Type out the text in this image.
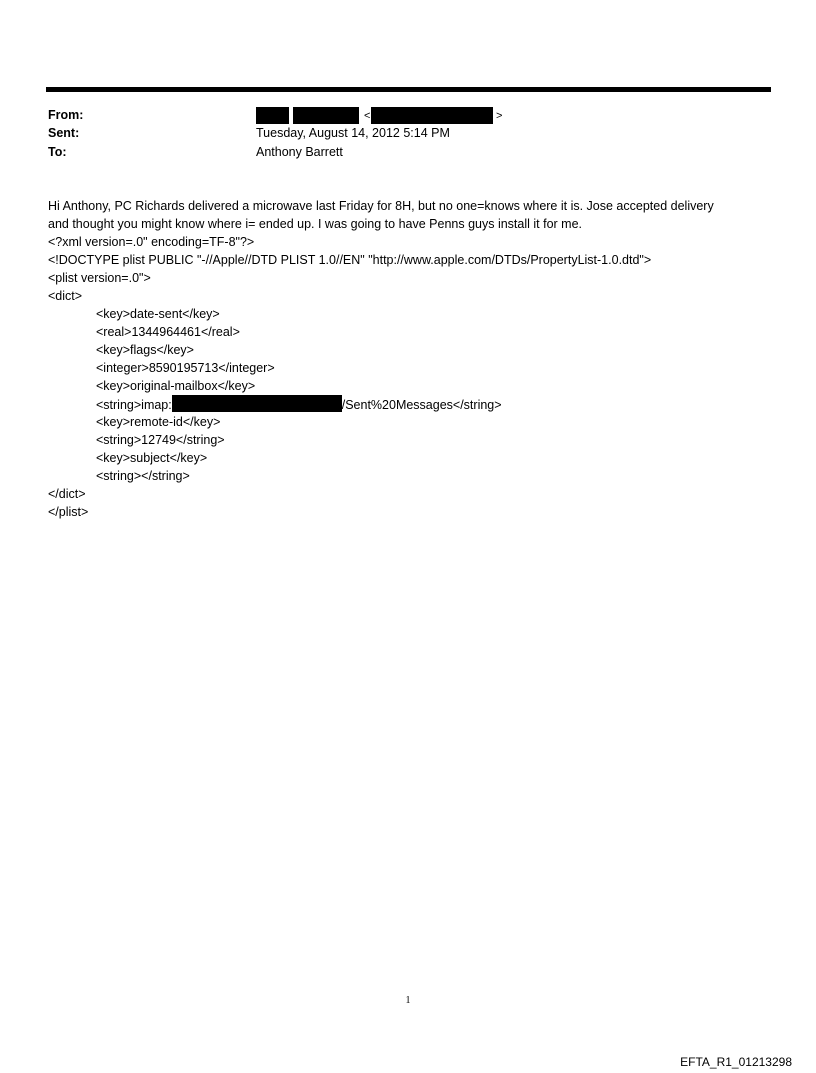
From:
Sent:
To:
<	>
Tuesday, August 14, 2012 5:14 PM
Anthony Barrett
Hi Anthony, PC Richards delivered a microwave last Friday for 8H, but no one=knows where it is. Jose accepted delivery
and thought you might know where i= ended up. I was going to have Penns guys install it for me.
<?xml version=.0" encoding=TF-8"?>
<!DOCTYPE plist PUBLIC "-//Apple//DTD PLIST 1.0//EN" "http://www.apple.com/DTDs/PropertyList-1.0.dtd">
<plist version=.0">
<dict>
<key>date-sent</key>
<real>1344964461</real>
<key>flags</key>
<integer>8590195713</integer>
<key>original-mailbox</key>
<string>imap:	/Sent%20Messages</string>
<key>remote-id</key>
<string>12749</string>
<key>subject</key>
<string></string>
</dict>
</plist>
1
EFTA_R1_01213298
